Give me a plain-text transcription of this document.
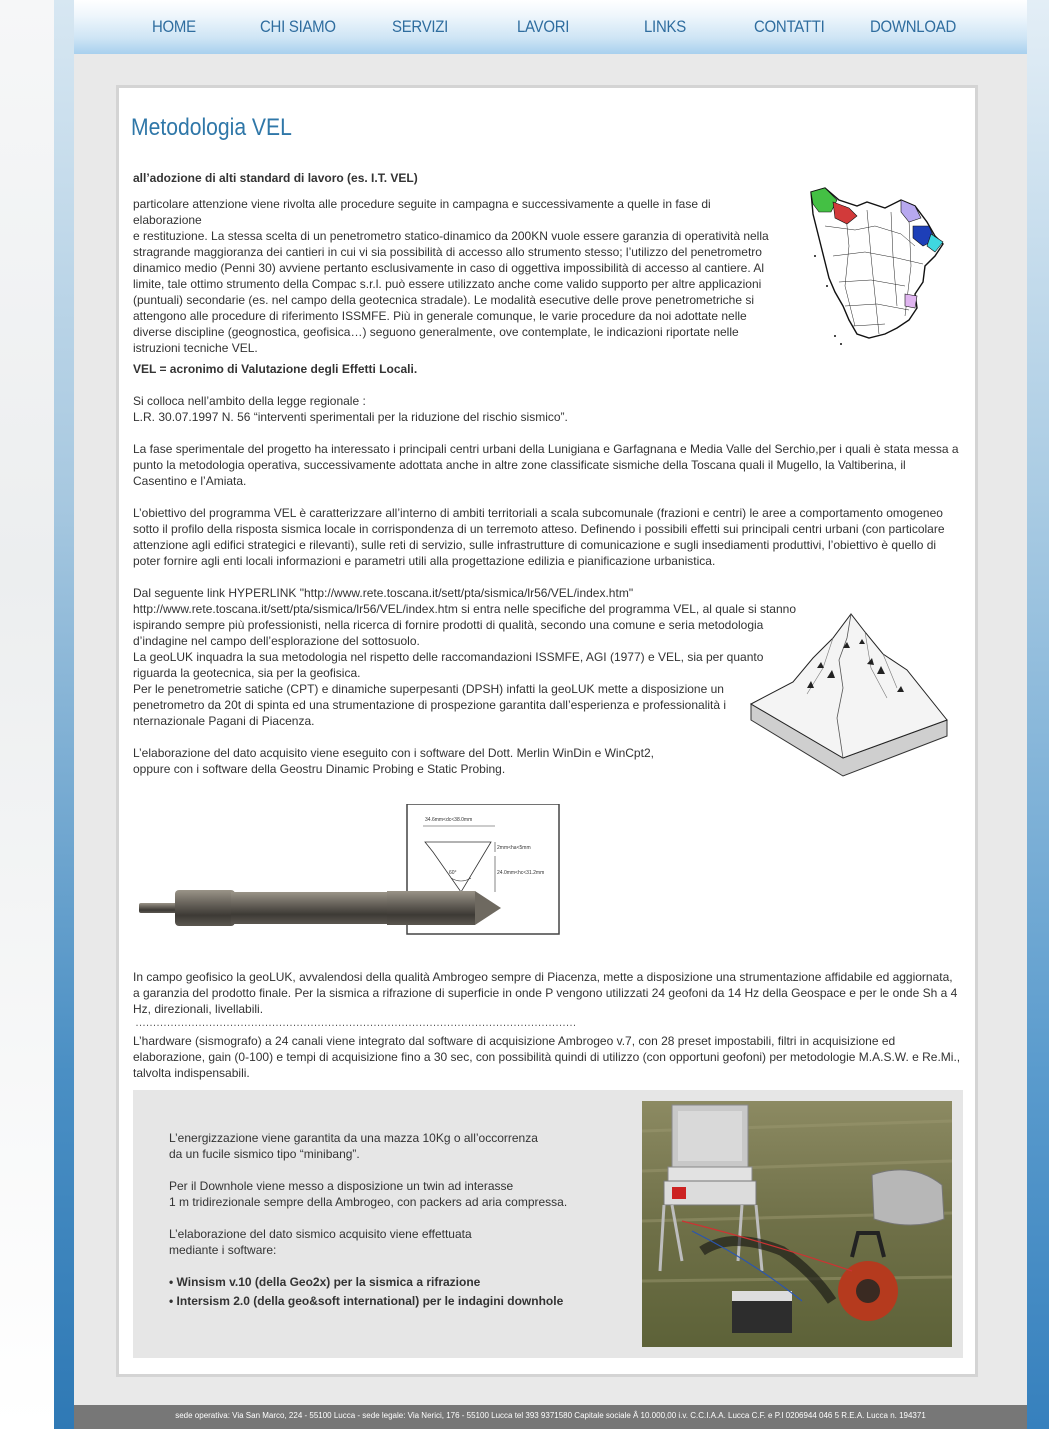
HOME	CHI SIAMO	SERVIZI	LAVORI	LINKS	CONTATTI	DOWNLOAD
Metodologia VEL
all’adozione di alti standard di lavoro (es. I.T. VEL)
particolare attenzione viene rivolta alle procedure seguite in campagna e successivamente a quelle in fase di elaborazione
e restituzione. La stessa scelta di un penetrometro statico-dinamico da 200KN vuole essere garanzia di operatività nella
stragrande maggioranza dei cantieri in cui vi sia possibilità di accesso allo strumento stesso; l’utilizzo del penetrometro
dinamico medio (Penni 30) avviene pertanto esclusivamente in caso di oggettiva impossibilità di accesso al cantiere. Al
limite, tale ottimo strumento della Compac s.r.l. può essere utilizzato anche come valido supporto per altre applicazioni
(puntuali) secondarie (es. nel campo della geotecnica stradale). Le modalità esecutive delle prove penetrometriche si
attengono alle procedure di riferimento ISSMFE. Più in generale comunque, le varie procedure da noi adottate nelle
diverse discipline (geognostica, geofisica…) seguono generalmente, ove contemplate, le indicazioni riportate nelle
istruzioni tecniche VEL.
VEL = acronimo di Valutazione degli Effetti Locali.
Si colloca nell’ambito della legge regionale :
L.R. 30.07.1997 N. 56 “interventi sperimentali per la riduzione del rischio sismico”.
La fase sperimentale del progetto ha interessato i principali centri urbani della Lunigiana e Garfagnana e Media Valle del Serchio,per i quali è stata messa a
punto la metodologia operativa, successivamente adottata anche in altre zone classificate sismiche della Toscana quali il Mugello, la Valtiberina, il
Casentino e l’Amiata.
L’obiettivo del programma VEL è caratterizzare all’interno di ambiti territoriali a scala subcomunale (frazioni e centri) le aree a comportamento omogeneo
sotto il profilo della risposta sismica locale in corrispondenza di un terremoto atteso. Definendo i possibili effetti sui principali centri urbani (con particolare
attenzione agli edifici strategici e rilevanti), sulle reti di servizio, sulle infrastrutture di comunicazione e sugli insediamenti produttivi, l’obiettivo è quello di
poter fornire agli enti locali informazioni e parametri utili alla progettazione edilizia e pianificazione urbanistica.
Dal seguente link HYPERLINK "http://www.rete.toscana.it/sett/pta/sismica/lr56/VEL/index.htm"
http://www.rete.toscana.it/sett/pta/sismica/lr56/VEL/index.htm si entra nelle specifiche del programma VEL, al quale si stanno
ispirando sempre più professionisti, nella ricerca di fornire prodotti di qualità, secondo una comune e seria metodologia
d’indagine nel campo dell’esplorazione del sottosuolo.
La geoLUK inquadra la sua metodologia nel rispetto delle raccomandazioni ISSMFE, AGI (1977) e VEL, sia per quanto
riguarda la geotecnica, sia per la geofisica.
Per le penetrometrie satiche (CPT) e dinamiche superpesanti (DPSH) infatti la geoLUK mette a disposizione un
penetrometro da 20t di spinta ed una strumentazione di prospezione garantita dall’esperienza e professionalità i
nternazionale Pagani di Piacenza.
L’elaborazione del dato acquisito viene eseguito con i software del Dott. Merlin WinDin e WinCpt2,
oppure con i software della Geostru Dinamic Probing e Static Probing.
34.6mm<dc<38.0mm
2mm<ha<5mm
60°	24.0mm<hc<31.2mm
In campo geofisico la geoLUK, avvalendosi della qualità Ambrogeo sempre di Piacenza, mette a disposizione una strumentazione affidabile ed aggiornata,
a garanzia del prodotto finale. Per la sismica a rifrazione di superficie in onde P vengono utilizzati 24 geofoni da 14 Hz della Geospace e per le onde Sh a 4
Hz, direzionali, livellabili.
………………………………………………………………………………………………………………
L’hardware (sismografo) a 24 canali viene integrato dal software di acquisizione Ambrogeo v.7, con 28 preset impostabili, filtri in acquisizione ed
elaborazione, gain (0-100) e tempi di acquisizione fino a 30 sec, con possibilità quindi di utilizzo (con opportuni geofoni) per metodologie M.A.S.W. e Re.Mi.,
talvolta indispensabili.
L’energizzazione viene garantita da una mazza 10Kg o all’occorrenza
da un fucile sismico tipo “minibang”.
Per il Downhole viene messo a disposizione un twin ad interasse
1 m tridirezionale sempre della Ambrogeo, con packers ad aria compressa.
L’elaborazione del dato sismico acquisito viene effettuata
mediante i software:
• Winsism v.10 (della Geo2x) per la sismica a rifrazione
• Intersism 2.0 (della geo&soft international) per le indagini downhole
sede operativa: Via San Marco, 224 - 55100 Lucca - sede legale: Via Nerici, 176 - 55100 Lucca tel 393 9371580 Capitale sociale Â 10.000,00 i.v. C.C.I.A.A. Lucca C.F. e P.I 0206944 046 5 R.E.A. Lucca n. 194371
